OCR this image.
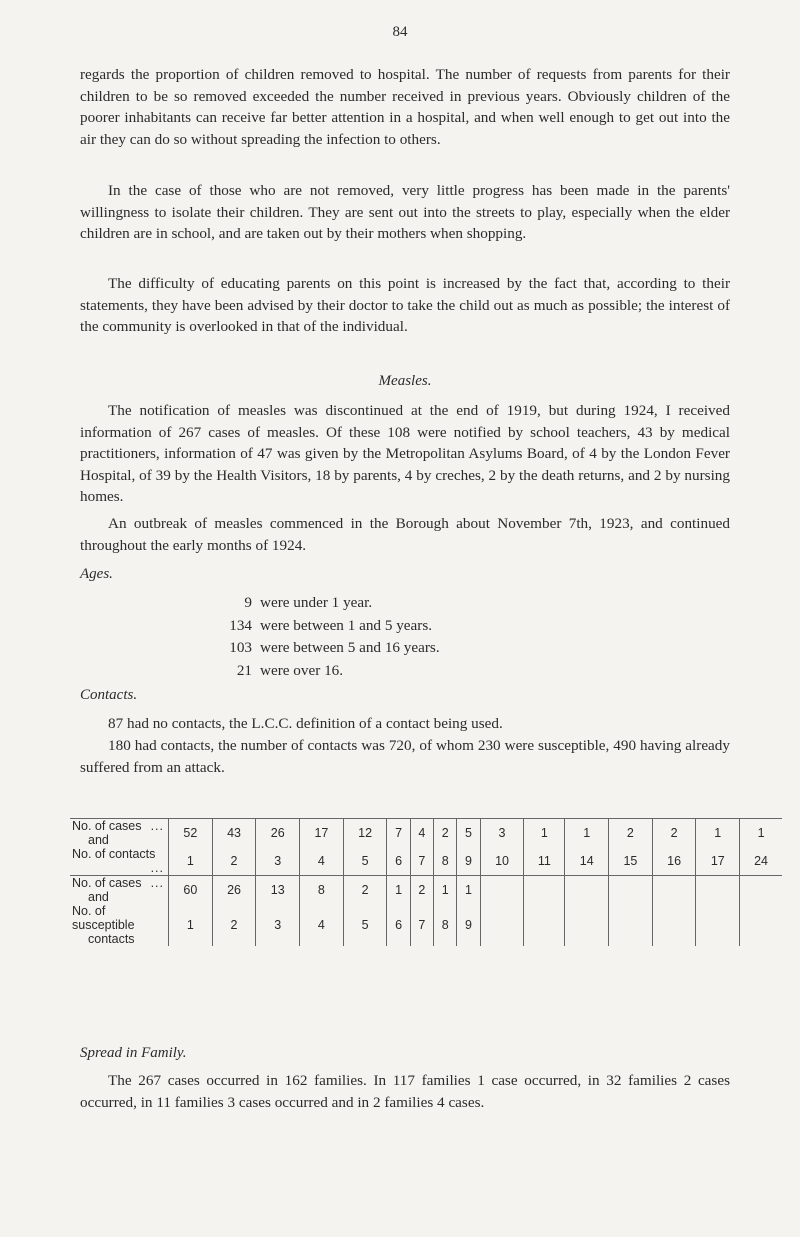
84

regards the proportion of children removed to hospital. The number of requests from parents for their children to be so removed exceeded the number received in previous years. Obviously children of the poorer inhabitants can receive far better attention in a hospital, and when well enough to get out into the air they can do so without spreading the infection to others.

In the case of those who are not removed, very little progress has been made in the parents' willingness to isolate their children. They are sent out into the streets to play, especially when the elder children are in school, and are taken out by their mothers when shopping.

The difficulty of educating parents on this point is increased by the fact that, according to their statements, they have been advised by their doctor to take the child out as much as possible; the interest of the community is overlooked in that of the individual.

Measles.

The notification of measles was discontinued at the end of 1919, but during 1924, I received information of 267 cases of measles. Of these 108 were notified by school teachers, 43 by medical practitioners, information of 47 was given by the Metropolitan Asylums Board, of 4 by the London Fever Hospital, of 39 by the Health Visitors, 18 by parents, 4 by creches, 2 by the death returns, and 2 by nursing homes.

An outbreak of measles commenced in the Borough about November 7th, 1923, and continued throughout the early months of 1924.

Ages.
9 were under 1 year.
134 were between 1 and 5 years.
103 were between 5 and 16 years.
21 were over 16.
Contacts.

87 had no contacts, the L.C.C. definition of a contact being used.

180 had contacts, the number of contacts was 720, of whom 230 were susceptible, 490 having already suffered from an attack.

No. of cases ...
and	52	43	26	17	12	7	4	2	5	3	1	1	2	2	1	1
No. of contacts
...	1	2	3	4	5	6	7	8	9	10	11	14	15	16	17	24

No. of cases ...
and	60	26	13	8	2	1	2	1	1							

No. of susceptible
contacts	1	2	3	4	5	6	7	8	9							
Spread in Family.

The 267 cases occurred in 162 families. In 117 families 1 case occurred, in 32 families 2 cases occurred, in 11 families 3 cases occurred and in 2 families 4 cases.
